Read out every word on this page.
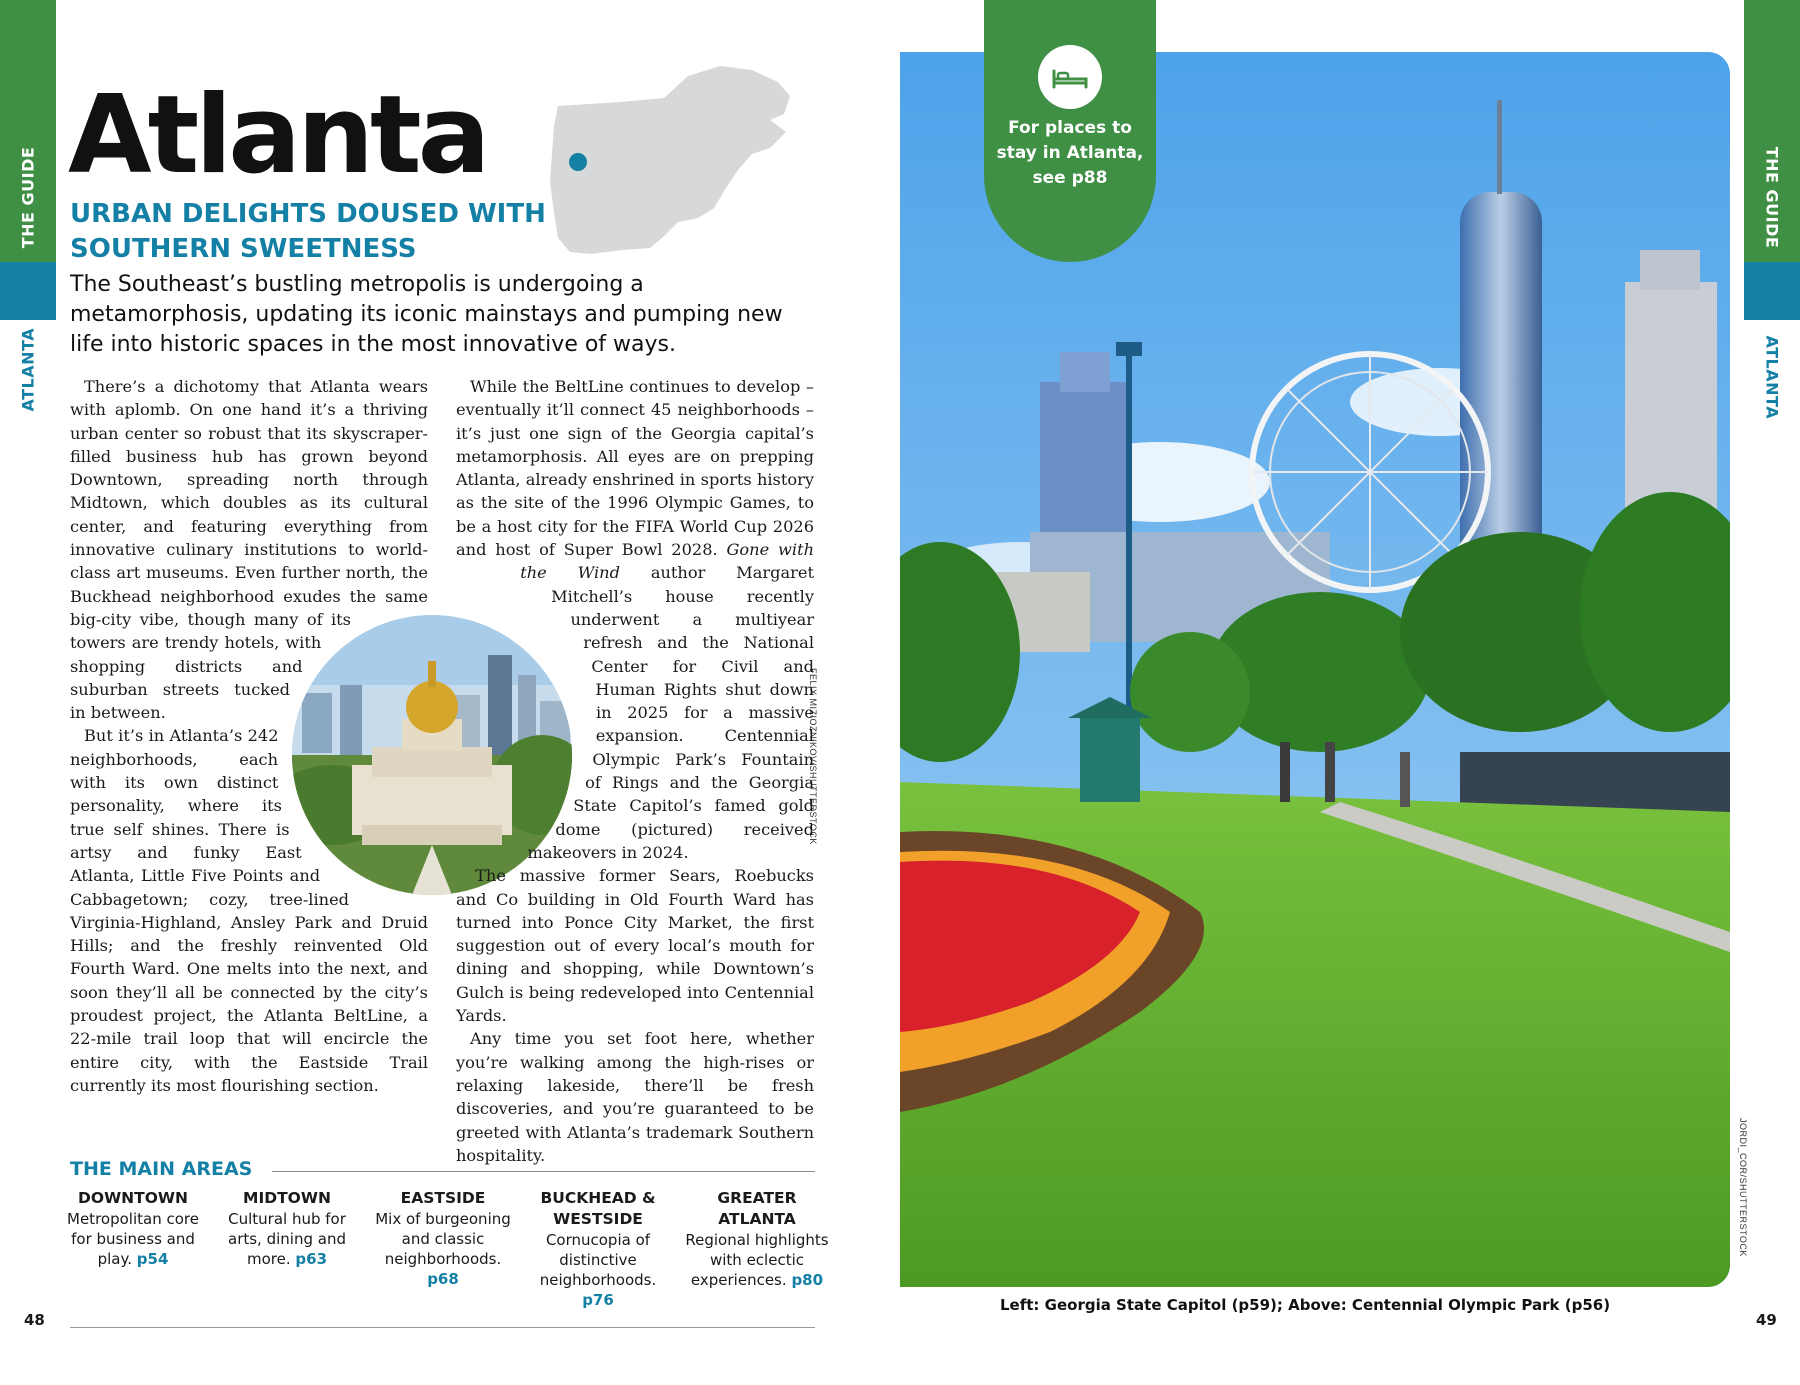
THE GUIDE
ATLANTA
THE GUIDE
ATLANTA
Atlanta
URBAN DELIGHTS DOUSED WITH SOUTHERN SWEETNESS
The Southeast’s bustling metropolis is undergoing a metamorphosis, updating its iconic mainstays and pumping new life into historic spaces in the most innovative of ways.
FELIX MIZIOZNIKOV/SHUTTERSTOCK

There’s a dichotomy that Atlanta wears with aplomb. On one hand it’s a thriving urban center so robust that its skyscraper-filled business hub has grown beyond Downtown, spreading north through Midtown, which doubles as its cultural center, and featuring everything from innovative culinary institutions to world-class art museums. Even further north, the Buckhead neighborhood exudes the same big-city vibe, though many of its towers are trendy hotels, with shopping districts and suburban streets tucked in between.

But it’s in Atlanta’s 242 neighborhoods, each with its own distinct personality, where its true self shines. There is artsy and funky East Atlanta, Little Five Points and Cabbagetown; cozy, tree-lined Virginia-Highland, Ansley Park and Druid Hills; and the freshly reinvented Old Fourth Ward. One melts into the next, and soon they’ll all be connected by the city’s proudest project, the Atlanta BeltLine, a 22-mile trail loop that will encircle the entire city, with the Eastside Trail currently its most flourishing section.

While the BeltLine continues to develop – eventually it’ll connect 45 neighborhoods – it’s just one sign of the Georgia capital’s metamorphosis. All eyes are on prepping Atlanta, already enshrined in sports history as the site of the 1996 Olympic Games, to be a host city for the FIFA World Cup 2026 and host of Super Bowl 2028. Gone with the Wind author Margaret Mitchell’s house recently underwent a multiyear refresh and the National Center for Civil and Human Rights shut down in 2025 for a massive expansion. Centennial Olympic Park’s Fountain of Rings and the Georgia State Capitol’s famed gold dome (pictured) received makeovers in 2024.

The massive former Sears, Roebucks and Co building in Old Fourth Ward has turned into Ponce City Market, the first suggestion out of every local’s mouth for dining and shopping, while Downtown’s Gulch is being redeveloped into Centennial Yards.

Any time you set foot here, whether you’re walking among the high-rises or relaxing lakeside, there’ll be fresh discoveries, and you’re guaranteed to be greeted with Atlanta’s trademark Southern hospitality.

THE MAIN AREAS
DOWNTOWN
Metropolitan core for business and play. p54
MIDTOWN
Cultural hub for arts, dining and more. p63
EASTSIDE
Mix of burgeoning and classic neighborhoods. p68
BUCKHEAD & WESTSIDE
Cornucopia of distinctive neighborhoods. p76
GREATER ATLANTA
Regional highlights with eclectic experiences. p80
48	49
For places to stay in Atlanta, see p88
JORDI_COR/SHUTTERSTOCK
Left: Georgia State Capitol (p59); Above: Centennial Olympic Park (p56)
